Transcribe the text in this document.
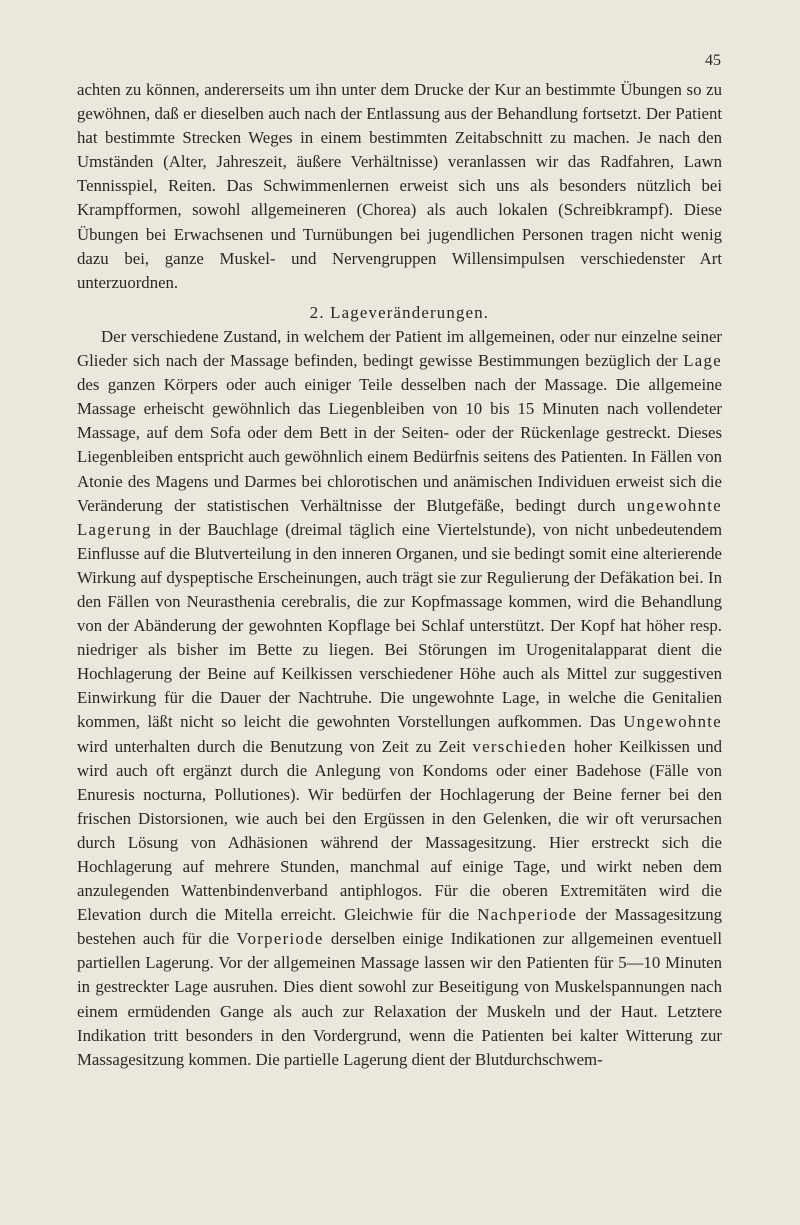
45

achten zu können, andererseits um ihn unter dem Drucke der Kur an bestimmte Übungen so zu gewöhnen, daß er dieselben auch nach der Entlassung aus der Behandlung fortsetzt. Der Patient hat bestimmte Strecken Weges in einem bestimmten Zeitabschnitt zu machen. Je nach den Umständen (Alter, Jahreszeit, äußere Verhältnisse) veranlassen wir das Radfahren, Lawn Tennisspiel, Reiten. Das Schwimmenlernen erweist sich uns als besonders nützlich bei Krampfformen, sowohl allgemeineren (Chorea) als auch lokalen (Schreibkrampf). Diese Übungen bei Erwachsenen und Turnübungen bei jugendlichen Personen tragen nicht wenig dazu bei, ganze Muskel- und Nervengruppen Willensimpulsen verschiedenster Art unterzuordnen.

2. Lageveränderungen.

Der verschiedene Zustand, in welchem der Patient im allgemeinen, oder nur einzelne seiner Glieder sich nach der Massage befinden, bedingt gewisse Bestimmungen bezüglich der Lage des ganzen Körpers oder auch einiger Teile desselben nach der Massage. Die allgemeine Massage erheischt gewöhnlich das Liegenbleiben von 10 bis 15 Minuten nach vollendeter Massage, auf dem Sofa oder dem Bett in der Seiten- oder der Rückenlage gestreckt. Dieses Liegenbleiben entspricht auch gewöhnlich einem Bedürfnis seitens des Patienten. In Fällen von Atonie des Magens und Darmes bei chlorotischen und anämischen Individuen erweist sich die Veränderung der statistischen Verhältnisse der Blutgefäße, bedingt durch ungewohnte Lagerung in der Bauchlage (dreimal täglich eine Viertelstunde), von nicht unbedeutendem Einflusse auf die Blutverteilung in den inneren Organen, und sie bedingt somit eine alterierende Wirkung auf dyspeptische Erscheinungen, auch trägt sie zur Regulierung der Defäkation bei. In den Fällen von Neurasthenia cerebralis, die zur Kopfmassage kommen, wird die Behandlung von der Abänderung der gewohnten Kopflage bei Schlaf unterstützt. Der Kopf hat höher resp. niedriger als bisher im Bette zu liegen. Bei Störungen im Urogenitalapparat dient die Hochlagerung der Beine auf Keilkissen verschiedener Höhe auch als Mittel zur suggestiven Einwirkung für die Dauer der Nachtruhe. Die ungewohnte Lage, in welche die Genitalien kommen, läßt nicht so leicht die gewohnten Vorstellungen aufkommen. Das Ungewohnte wird unterhalten durch die Benutzung von Zeit zu Zeit verschieden hoher Keilkissen und wird auch oft ergänzt durch die Anlegung von Kondoms oder einer Badehose (Fälle von Enuresis nocturna, Pollutiones). Wir bedürfen der Hochlagerung der Beine ferner bei den frischen Distorsionen, wie auch bei den Ergüssen in den Gelenken, die wir oft verursachen durch Lösung von Adhäsionen während der Massagesitzung. Hier erstreckt sich die Hochlagerung auf mehrere Stunden, manchmal auf einige Tage, und wirkt neben dem anzulegenden Wattenbindenverband antiphlogos. Für die oberen Extremitäten wird die Elevation durch die Mitella erreicht. Gleichwie für die Nachperiode der Massagesitzung bestehen auch für die Vorperiode derselben einige Indikationen zur allgemeinen eventuell partiellen Lagerung. Vor der allgemeinen Massage lassen wir den Patienten für 5—10 Minuten in gestreckter Lage ausruhen. Dies dient sowohl zur Beseitigung von Muskelspannungen nach einem ermüdenden Gange als auch zur Relaxation der Muskeln und der Haut. Letztere Indikation tritt besonders in den Vordergrund, wenn die Patienten bei kalter Witterung zur Massagesitzung kommen. Die partielle Lagerung dient der Blutdurchschwem-
